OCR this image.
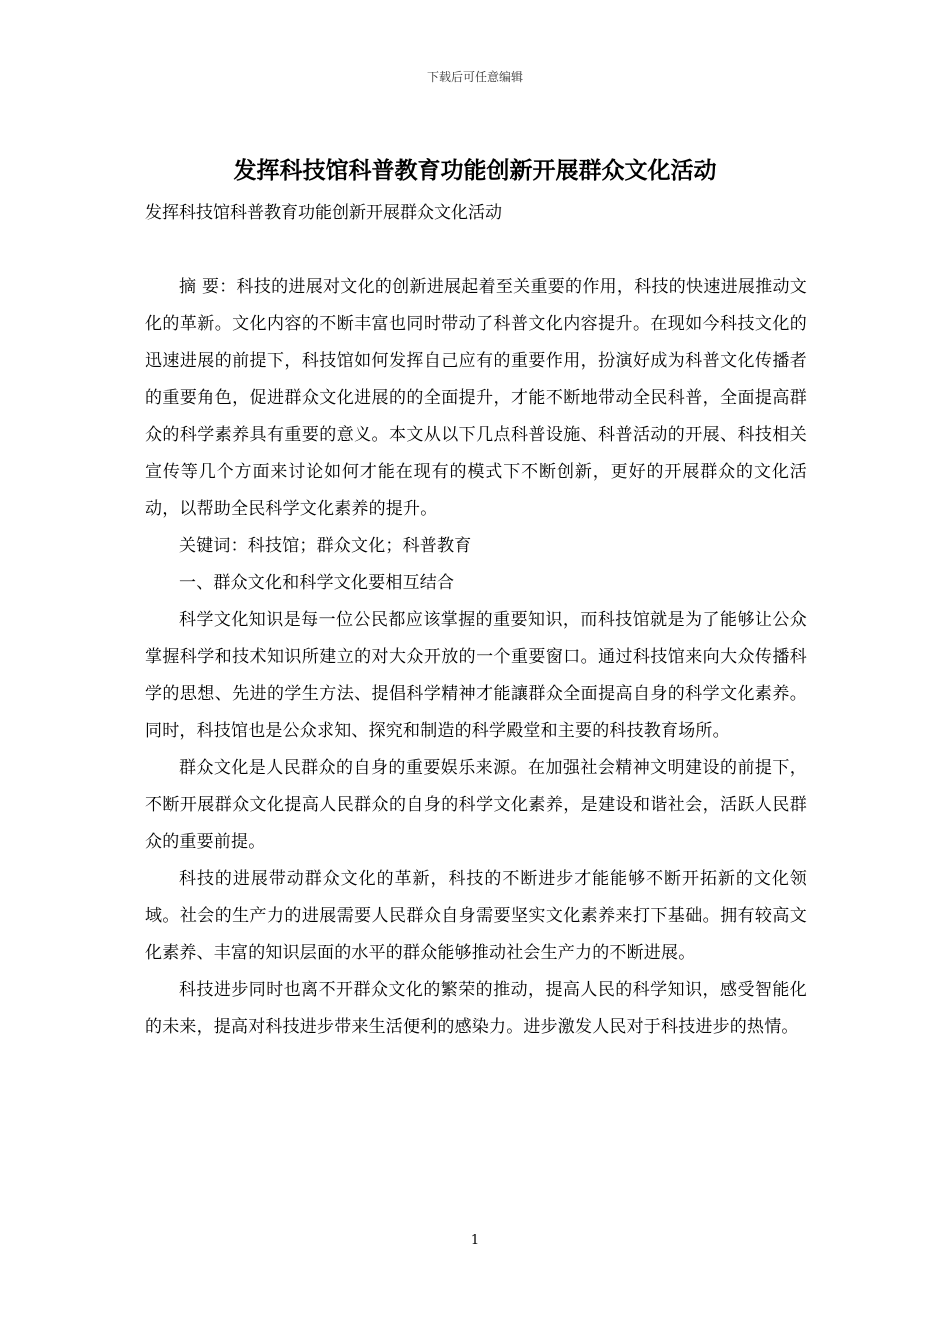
下载后可任意编辑
发挥科技馆科普教育功能创新开展群众文化活动
发挥科技馆科普教育功能创新开展群众文化活动

摘 要：科技的进展对文化的创新进展起着至关重要的作用，科技的快速进展推动文化的革新。文化内容的不断丰富也同时带动了科普文化内容提升。在现如今科技文化的迅速进展的前提下，科技馆如何发挥自己应有的重要作用，扮演好成为科普文化传播者的重要角色，促进群众文化进展的的全面提升，才能不断地带动全民科普，全面提高群众的科学素养具有重要的意义。本文从以下几点科普设施、科普活动的开展、科技相关宣传等几个方面来讨论如何才能在现有的模式下不断创新，更好的开展群众的文化活动，以帮助全民科学文化素养的提升。

关键词：科技馆；群众文化；科普教育

一、群众文化和科学文化要相互结合

科学文化知识是每一位公民都应该掌握的重要知识，而科技馆就是为了能够让公众掌握科学和技术知识所建立的对大众开放的一个重要窗口。通过科技馆来向大众传播科学的思想、先进的学生方法、提倡科学精神才能讓群众全面提高自身的科学文化素养。同时，科技馆也是公众求知、探究和制造的科学殿堂和主要的科技教育场所。

群众文化是人民群众的自身的重要娱乐来源。在加强社会精神文明建设的前提下，不断开展群众文化提高人民群众的自身的科学文化素养，是建设和谐社会，活跃人民群众的重要前提。

科技的进展带动群众文化的革新，科技的不断进步才能能够不断开拓新的文化领域。社会的生产力的进展需要人民群众自身需要坚实文化素养来打下基础。拥有较高文化素养、丰富的知识层面的水平的群众能够推动社会生产力的不断进展。

科技进步同时也离不开群众文化的繁荣的推动，提高人民的科学知识，感受智能化的未来，提高对科技进步带来生活便利的感染力。进步激发人民对于科技进步的热情。

1
